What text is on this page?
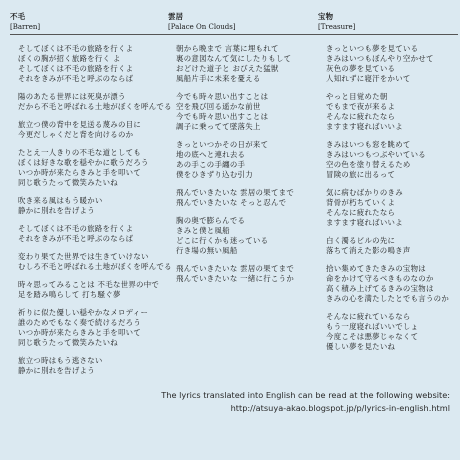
不毛
[Barren]
そしてぼくは不毛の旅路を行くよ
ぼくの胸が招く旅路を行く よ
そしてぼくは不毛の旅路を行くよ
それをきみが不毛と呼ぶのならば
陽のあたる世界には死臭が漂う
だから不毛と呼ばれる土地がぼくを呼んでる
旅立つ僕の背中を見送る蔑みの目に
今更だしゃくだと背を向けるのか
たとえ一人きりの不毛な道としても
ぼくは好きな歌を穏やかに歌うだろう
いつか時が来たらきみと手を叩いて
同じ歌うたって微笑みたいね
吹き来る風はもう暖かい
静かに別れを告げよう
そしてぼくは不毛の旅路を行くよ
それをきみが不毛と呼ぶのならば
変わり果てた世界では生きていけない
むしろ不毛と呼ばれる土地がぼくを呼んでる
時々思ってみることは 不毛な世界の中で
足を踏み鳴らして 打ち騒ぐ夢
祈りに似た優しい穏やかなメロディー
誰のためでもなく奏で続けるだろう
いつか時が来たらきみと手を叩いて
同じ歌うたって微笑みたいね
旅立つ時はもう逃さない
静かに別れを告げよう
雲居
[Palace On Clouds]
朝から晩まで 言葉に埋もれて
裏の意図なんて気にしたりもして
おどけた道子と おびえた猛獣
風船片手に未来を憂える
今でも時々思い出すことは
空を飛び回る遥かな前世
今でも時々思い出すことは
調子に乗ってて墜落失上
きっといつかその日が来て
地の底へと連れ去る
あの手この手纏の手
僕をひきずり込む引力
飛んでいきたいな 雲居の果てまで
飛んでいきたいな そっと忍んで
胸の奥で膨らんでる
きみと僕と風船
どこに行くかも迷っている
行き場の無い風船
飛んでいきたいな 雲居の果てまで
飛んでいきたいな 一緒に行こうか
宝物
[Treasure]
きっといつも夢を見ている
きみはいつもぼんやり空かせて
灰色の夢を見ている
人知れずに寝汗をかいて
やっと目覚めた朝
でもまで夜が来るよ
そんなに疲れたなら
ますます寝ればいいよ
きみはいつも窓を眺めて
きみはいつもつぶやいている
空の色を塗り替えるため
冒険の旅に出るって
気に病むばかりのきみ
背骨が朽ちていくよ
そんなに疲れたなら
ますます寝ればいいよ
白く濁るビルの先に
落ちて消えた影の鳴き声
拾い集めてきたきみの宝物は
命をかけて守るべきものなのか
高く積み上げてるきみの宝物は
きみの心を満たしたとでも言うのか
そんなに疲れているなら
もう一度寝ればいいでしょ
今度こそは悪夢じゃなくて
優しい夢を見たいね
The lyrics translated into English can be read at the following website:
http://atsuya-akao.blogspot.jp/p/lyrics-in-english.html
